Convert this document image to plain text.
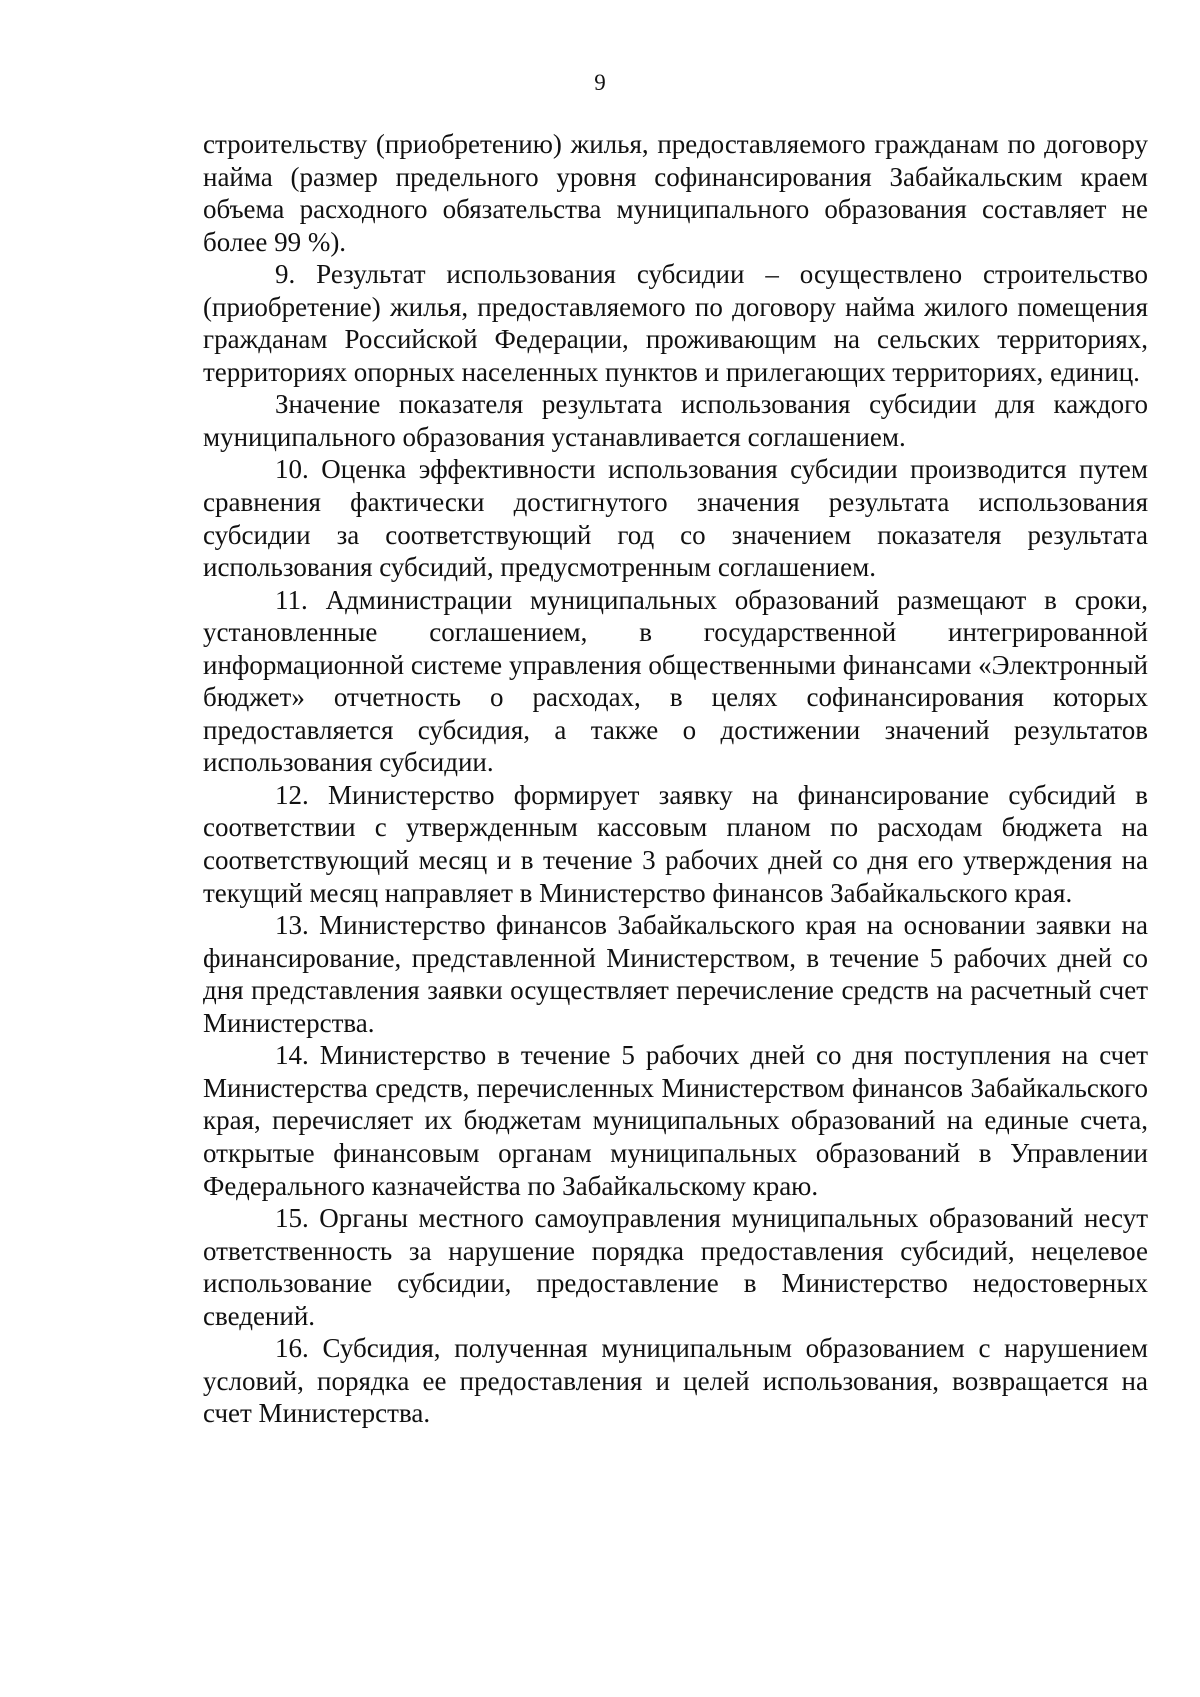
9

строительству (приобретению) жилья, предоставляемого гражданам по договору найма (размер предельного уровня софинансирования Забайкальским краем объема расходного обязательства муниципального образования составляет не более 99 %).

9. Результат использования субсидии – осуществлено строительство (приобретение) жилья, предоставляемого по договору найма жилого помещения гражданам Российской Федерации, проживающим на сельских территориях, территориях опорных населенных пунктов и прилегающих территориях, единиц.

Значение показателя результата использования субсидии для каждого муниципального образования устанавливается соглашением.

10. Оценка эффективности использования субсидии производится путем сравнения фактически достигнутого значения результата использования субсидии за соответствующий год со значением показателя результата использования субсидий, предусмотренным соглашением.

11. Администрации муниципальных образований размещают в сроки, установленные соглашением, в государственной интегрированной информационной системе управления общественными финансами «Электронный бюджет» отчетность о расходах, в целях софинансирования которых предоставляется субсидия, а также о достижении значений результатов использования субсидии.

12. Министерство формирует заявку на финансирование субсидий в соответствии с утвержденным кассовым планом по расходам бюджета на соответствующий месяц и в течение 3 рабочих дней со дня его утверждения на текущий месяц направляет в Министерство финансов Забайкальского края.

13. Министерство финансов Забайкальского края на основании заявки на финансирование, представленной Министерством, в течение 5 рабочих дней со дня представления заявки осуществляет перечисление средств на расчетный счет Министерства.

14. Министерство в течение 5 рабочих дней со дня поступления на счет Министерства средств, перечисленных Министерством финансов Забайкальского края, перечисляет их бюджетам муниципальных образований на единые счета, открытые финансовым органам муниципальных образований в Управлении Федерального казначейства по Забайкальскому краю.

15. Органы местного самоуправления муниципальных образований несут ответственность за нарушение порядка предоставления субсидий, нецелевое использование субсидии, предоставление в Министерство недостоверных сведений.

16. Субсидия, полученная муниципальным образованием с нарушением условий, порядка ее предоставления и целей использования, возвращается на счет Министерства.
